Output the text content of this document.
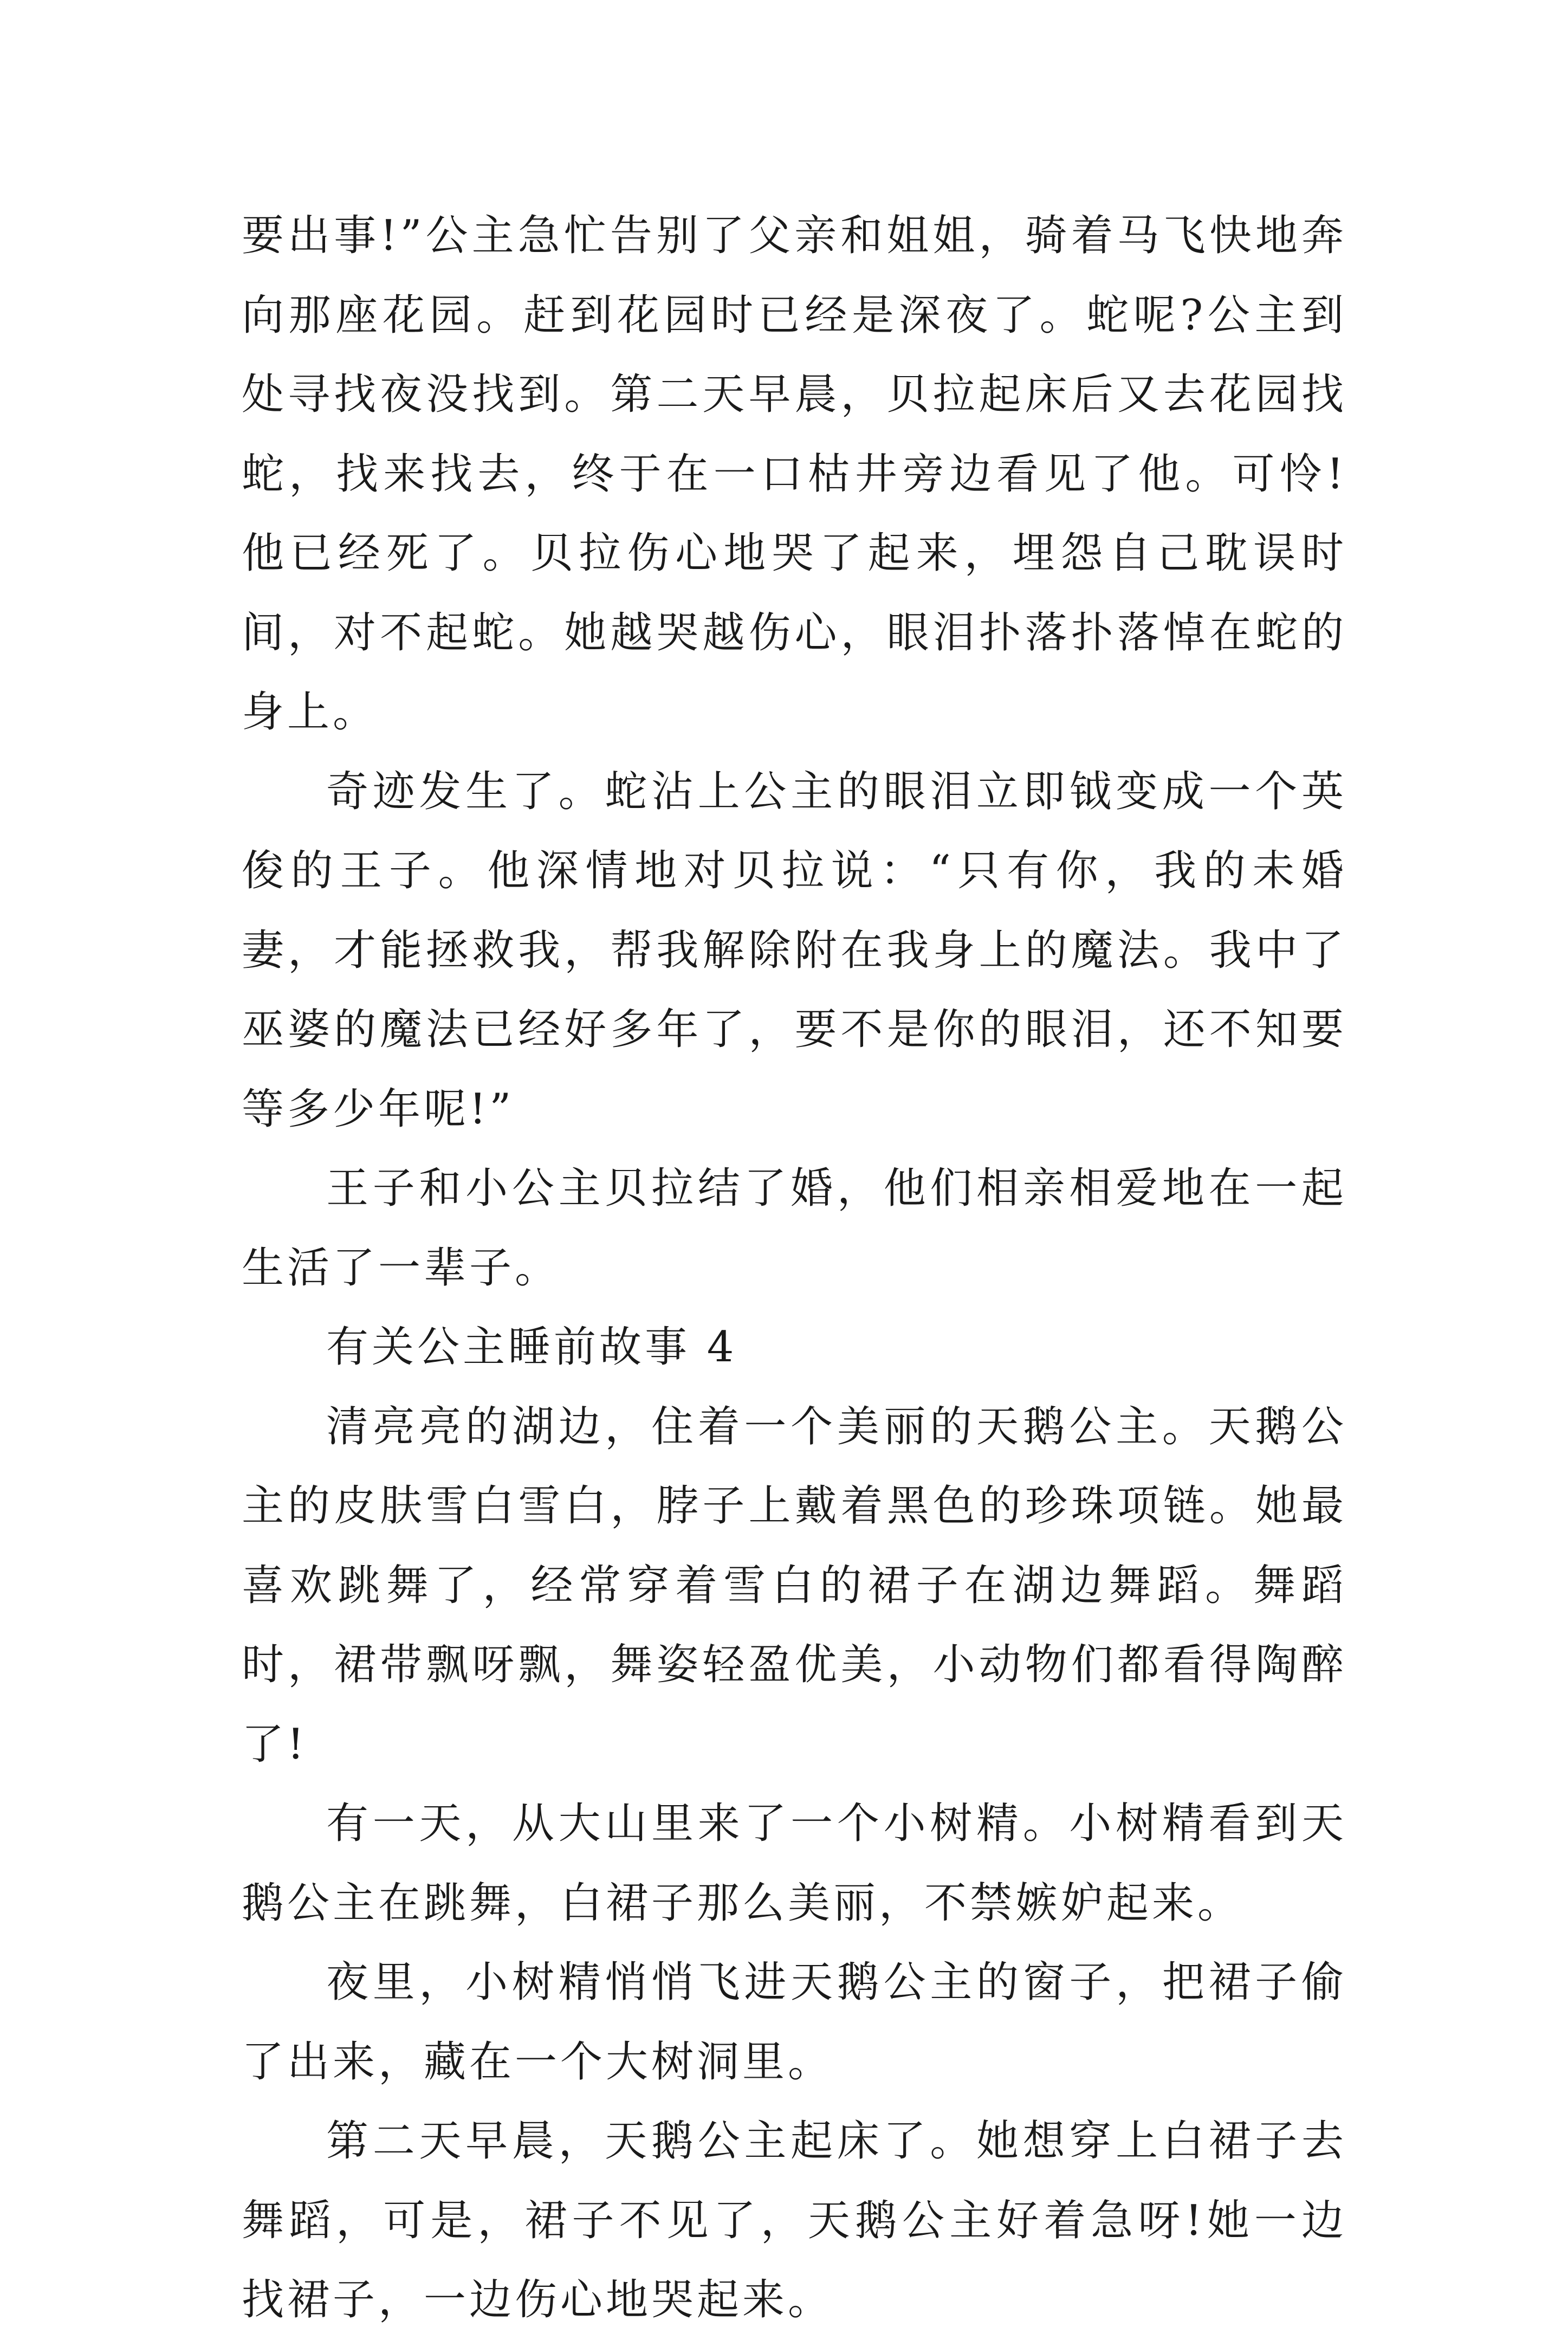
要出事!”公主急忙告别了父亲和姐姐，骑着马飞快地奔向那座花园。赶到花园时已经是深夜了。蛇呢?公主到处寻找夜没找到。第二天早晨，贝拉起床后又去花园找蛇，找来找去，终于在一口枯井旁边看见了他。可怜!他已经死了。贝拉伤心地哭了起来，埋怨自己耽误时间，对不起蛇。她越哭越伤心，眼泪扑落扑落悼在蛇的身上。

奇迹发生了。蛇沾上公主的眼泪立即钺变成一个英俊的王子。他深情地对贝拉说：“只有你，我的未婚妻，才能拯救我，帮我解除附在我身上的魔法。我中了巫婆的魔法已经好多年了，要不是你的眼泪，还不知要等多少年呢!”

王子和小公主贝拉结了婚，他们相亲相爱地在一起生活了一辈子。

有关公主睡前故事 4

清亮亮的湖边，住着一个美丽的天鹅公主。天鹅公主的皮肤雪白雪白，脖子上戴着黑色的珍珠项链。她最喜欢跳舞了，经常穿着雪白的裙子在湖边舞蹈。舞蹈时，裙带飘呀飘，舞姿轻盈优美，小动物们都看得陶醉了!

有一天，从大山里来了一个小树精。小树精看到天鹅公主在跳舞，白裙子那么美丽，不禁嫉妒起来。

夜里，小树精悄悄飞进天鹅公主的窗子，把裙子偷了出来，藏在一个大树洞里。

第二天早晨，天鹅公主起床了。她想穿上白裙子去舞蹈，可是，裙子不见了，天鹅公主好着急呀!她一边找裙子，一边伤心地哭起来。
